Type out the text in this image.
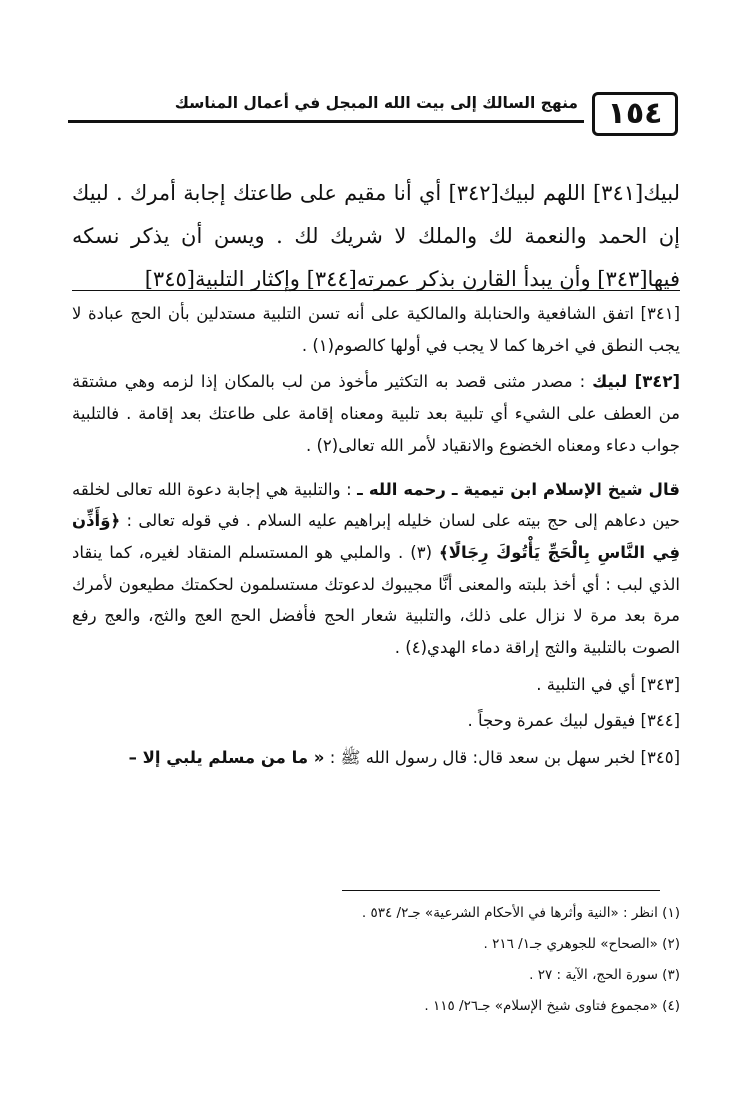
١٥٤
منهج السالك إلى بيت الله المبجل في أعمال المناسك

لبيك[٣٤١] اللهم لبيك[٣٤٢] أي أنا مقيم على طاعتك إجابة أمرك . لبيك إن الحمد والنعمة لك والملك لا شريك لك . ويسن أن يذكر نسكه فيها[٣٤٣] وأن يبدأ القارن بذكر عمرته[٣٤٤] وإكثار التلبية[٣٤٥]

[٣٤١] اتفق الشافعية والحنابلة والمالكية على أنه تسن التلبية مستدلين بأن الحج عبادة لا يجب النطق في اخرها كما لا يجب في أولها كالصوم(١) .

[٣٤٢] لبيك : مصدر مثنى قصد به التكثير مأخوذ من لب بالمكان إذا لزمه وهي مشتقة من العطف على الشيء أي تلبية بعد تلبية ومعناه إقامة على طاعتك بعد إقامة . فالتلبية جواب دعاء ومعناه الخضوع والانقياد لأمر الله تعالى(٢) .

قال شيخ الإسلام ابن تيمية ـ رحمه الله ـ : والتلبية هي إجابة دعوة الله تعالى لخلقه حين دعاهم إلى حج بيته على لسان خليله إبراهيم عليه السلام . في قوله تعالى : ﴿وَأَذِّن فِي النَّاسِ بِالْحَجِّ يَأْتُوكَ رِجَالًا﴾ (٣) . والملبي هو المستسلم المنقاد لغيره، كما ينقاد الذي لبب : أي أخذ بلبته والمعنى أنَّا مجيبوك لدعوتك مستسلمون لحكمتك مطيعون لأمرك مرة بعد مرة لا نزال على ذلك، والتلبية شعار الحج فأفضل الحج العج والثج، والعج رفع الصوت بالتلبية والثج إراقة دماء الهدي(٤) .

[٣٤٣] أي في التلبية .

[٣٤٤] فيقول لبيك عمرة وحجاً .

[٣٤٥] لخبر سهل بن سعد قال: قال رسول الله ﷺ : « ما من مسلم يلبي إلا –

(١) انظر : «النية وأثرها في الأحكام الشرعية» جـ٢/ ٥٣٤ .

(٢) «الصحاح» للجوهري جـ١/ ٢١٦ .

(٣) سورة الحج، الآية : ٢٧ .

(٤) «مجموع فتاوى شيخ الإسلام» جـ٢٦/ ١١٥ .
